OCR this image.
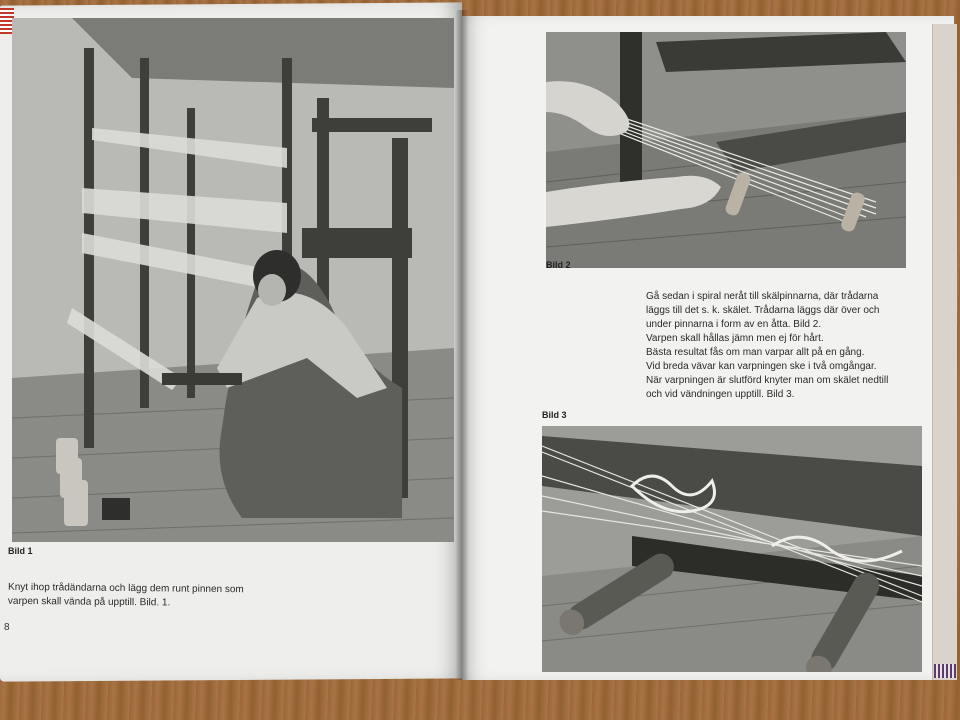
Bild 1
Knyt ihop trådändarna och lägg dem runt pinnen som
varpen skall vända på upptill. Bild. 1.
8
Bild 2
Gå sedan i spiral neråt till skälpinnarna, där trådarna
läggs till det s. k. skälet. Trådarna läggs där över och
under pinnarna i form av en åtta. Bild 2.
Varpen skall hållas jämn men ej för hårt.
Bästa resultat fås om man varpar allt på en gång.
Vid breda vävar kan varpningen ske i två omgångar.
När varpningen är slutförd knyter man om skälet nedtill
och vid vändningen upptill. Bild 3.
Bild 3
